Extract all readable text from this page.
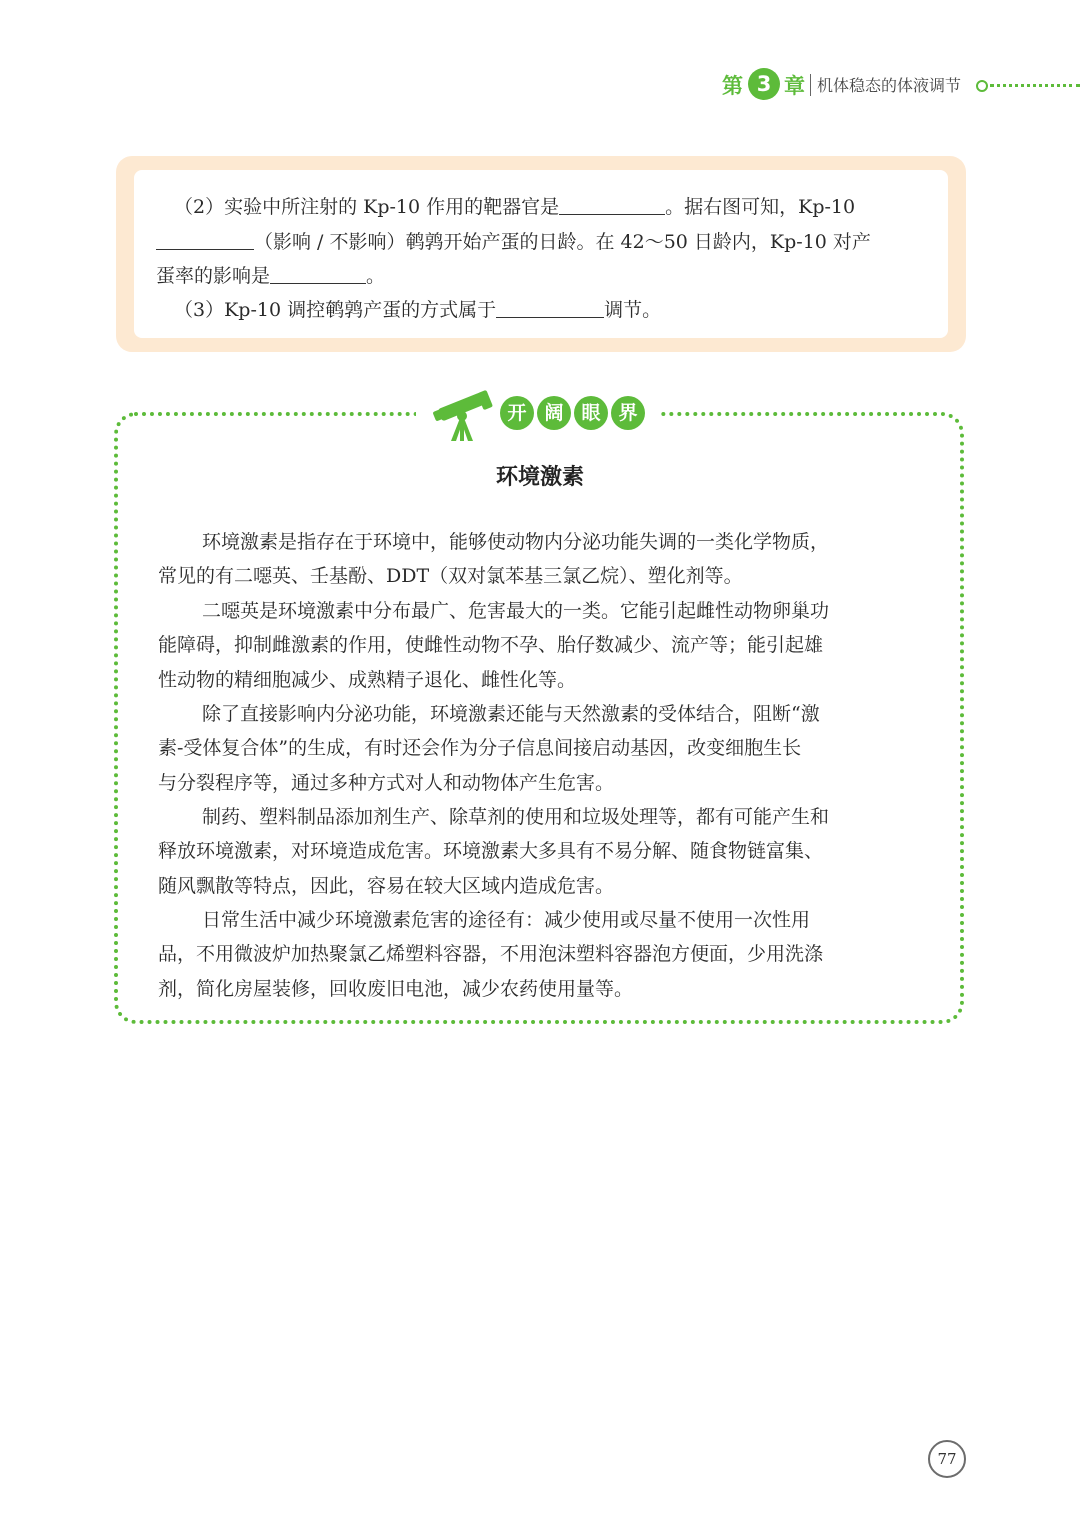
第 3 章 机体稳态的体液调节
（2）实验中所注射的 Kp-10 作用的靶器官是	。据右图可知，Kp-10
（影响 / 不影响）鹌鹑开始产蛋的日龄。在 42～50 日龄内，Kp-10 对产
蛋率的影响是	。
（3）Kp-10 调控鹌鹑产蛋的方式属于	调节。
开 阔 眼 界
环境激素
环境激素是指存在于环境中，能够使动物内分泌功能失调的一类化学物质，
常见的有二噁英、壬基酚、DDT（双对氯苯基三氯乙烷）、塑化剂等。
二噁英是环境激素中分布最广、危害最大的一类。它能引起雌性动物卵巢功
能障碍，抑制雌激素的作用，使雌性动物不孕、胎仔数减少、流产等；能引起雄
性动物的精细胞减少、成熟精子退化、雌性化等。
除了直接影响内分泌功能，环境激素还能与天然激素的受体结合，阻断“激
素-受体复合体”的生成，有时还会作为分子信息间接启动基因，改变细胞生长
与分裂程序等，通过多种方式对人和动物体产生危害。
制药、塑料制品添加剂生产、除草剂的使用和垃圾处理等，都有可能产生和
释放环境激素，对环境造成危害。环境激素大多具有不易分解、随食物链富集、
随风飘散等特点，因此，容易在较大区域内造成危害。
日常生活中减少环境激素危害的途径有：减少使用或尽量不使用一次性用
品，不用微波炉加热聚氯乙烯塑料容器，不用泡沫塑料容器泡方便面，少用洗涤
剂，简化房屋装修，回收废旧电池，减少农药使用量等。
77
